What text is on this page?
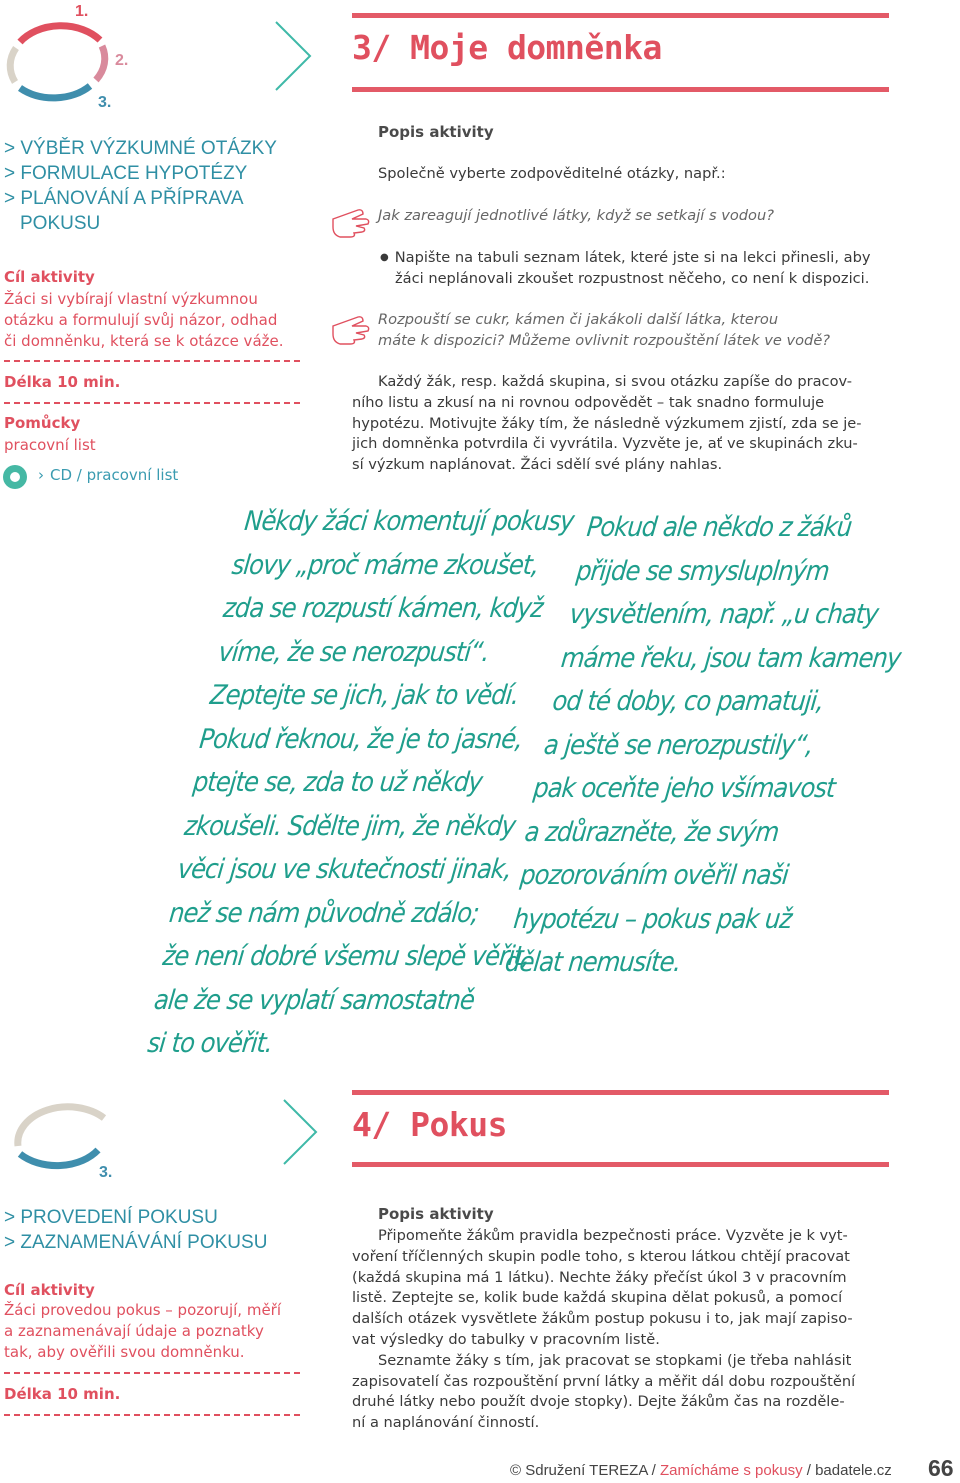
1.
2.
3.
> VÝBĚR VÝZKUMNÉ OTÁZKY
> FORMULACE HYPOTÉZY
> PLÁNOVÁNÍ A PŘÍPRAVA
POKUSU
Cíl aktivity
Žáci si vybírají vlastní výzkumnou
otázku a formulují svůj názor, odhad
či domněnku, která se k otázce váže.
Délka 10 min.
Pomůcky
pracovní list
› CD / pracovní list
3/ Moje domněnka
Popis aktivity
Společně vyberte zodpověditelné otázky, např.:
Jak zareagují jednotlivé látky, když se setkají s vodou?
● Napište na tabuli seznam látek, které jste si na lekci přinesli, aby
žáci neplánovali zkoušet rozpustnost něčeho, co není k dispozici.
Rozpouští se cukr, kámen či jakákoli další látka, kterou
máte k dispozici? Můžeme ovlivnit rozpouštění látek ve vodě?
Každý žák, resp. každá skupina, si svou otázku zapíše do pracov-
ního listu a zkusí na ni rovnou odpovědět – tak snadno formuluje
hypotézu. Motivujte žáky tím, že následně výzkumem zjistí, zda se je-
jich domněnka potvrdila či vyvrátila. Vyzvěte je, ať ve skupinách zku-
sí výzkum naplánovat. Žáci sdělí své plány nahlas.
Někdy žáci komentují pokusy
slovy „proč máme zkoušet,
zda se rozpustí kámen, když
víme, že se nerozpustí“.
Zeptejte se jich, jak to vědí.
Pokud řeknou, že je to jasné,
ptejte se, zda to už někdy
zkoušeli. Sdělte jim, že někdy
věci jsou ve skutečnosti jinak,
než se nám původně zdálo;
že není dobré všemu slepě věřit,
ale že se vyplatí samostatně
si to ověřit.
Pokud ale někdo z žáků
přijde se smysluplným
vysvětlením, např. „u chaty
máme řeku, jsou tam kameny
od té doby, co pamatuji,
a ještě se nerozpustily“,
pak oceňte jeho všímavost
a zdůrazněte, že svým
pozorováním ověřil naši
hypotézu – pokus pak už
dělat nemusíte.
3.
> PROVEDENÍ POKUSU
> ZAZNAMENÁVÁNÍ POKUSU
Cíl aktivity
Žáci provedou pokus – pozorují, měří
a zaznamenávají údaje a poznatky
tak, aby ověřili svou domněnku.
Délka 10 min.
4/ Pokus
Popis aktivity
Připomeňte žákům pravidla bezpečnosti práce. Vyzvěte je k vyt-
voření tříčlenných skupin podle toho, s kterou látkou chtějí pracovat
(každá skupina má 1 látku). Nechte žáky přečíst úkol 3 v pracovním
listě. Zeptejte se, kolik bude každá skupina dělat pokusů, a pomocí
dalších otázek vysvětlete žákům postup pokusu i to, jak mají zapiso-
vat výsledky do tabulky v pracovním listě.
Seznamte žáky s tím, jak pracovat se stopkami (je třeba nahlásit
zapisovatelí čas rozpouštění první látky a měřit dál dobu rozpouštění
druhé látky nebo použít dvoje stopky). Dejte žákům čas na rozděle-
ní a naplánování činností.
© Sdružení TEREZA / Zamícháme s pokusy / badatele.cz 66
